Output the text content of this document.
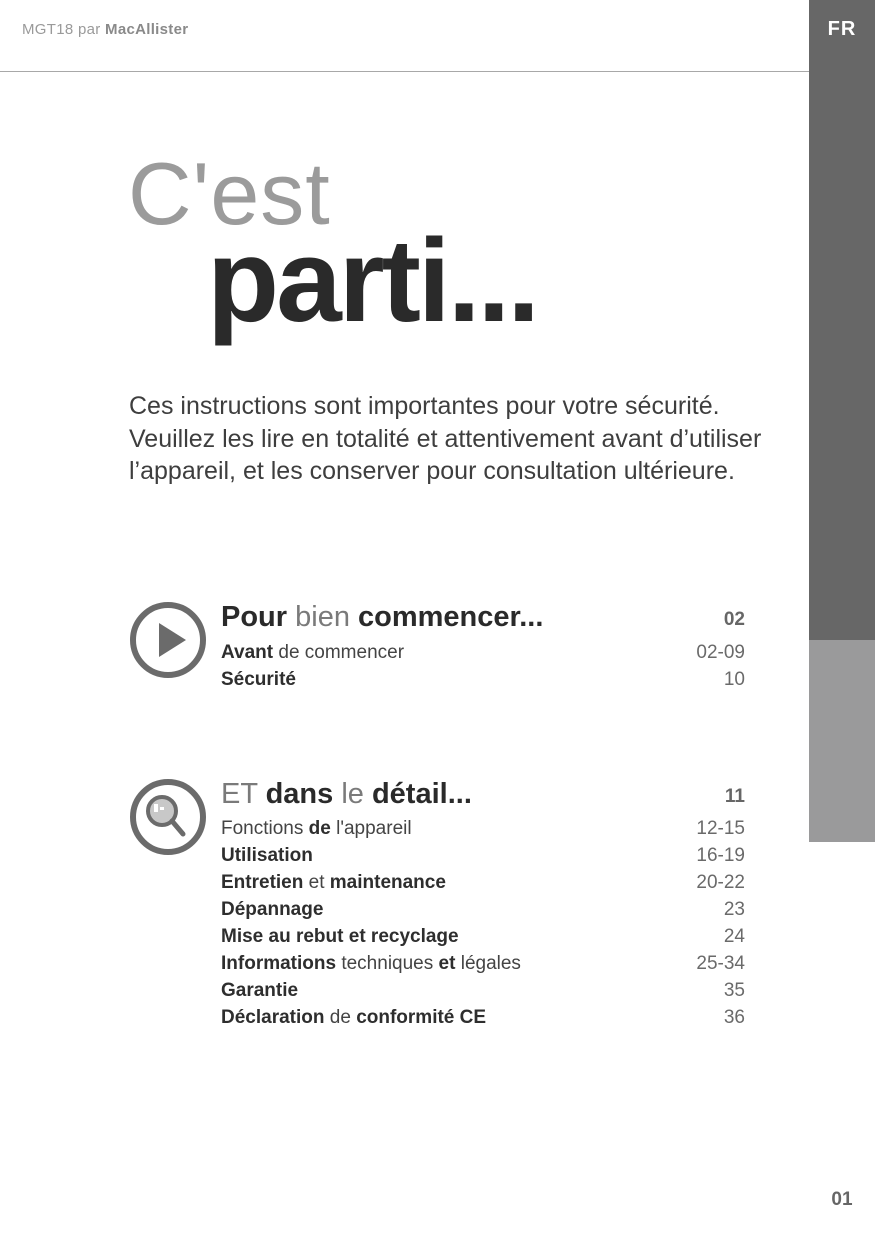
MGT18 par MacAllister	FR
C'est
parti...
Ces instructions sont importantes pour votre sécurité. Veuillez les lire en totalité et attentivement avant d’utiliser l’appareil, et les conserver pour consultation ultérieure.
Pour bien commencer...	02
Avant de commencer	02-09
Sécurité	10
ET dans le détail...	11
Fonctions de l'appareil	12-15
Utilisation	16-19
Entretien et maintenance	20-22
Dépannage	23
Mise au rebut et recyclage	24
Informations techniques et légales	25-34
Garantie	35
Déclaration de conformité CE	36
01
